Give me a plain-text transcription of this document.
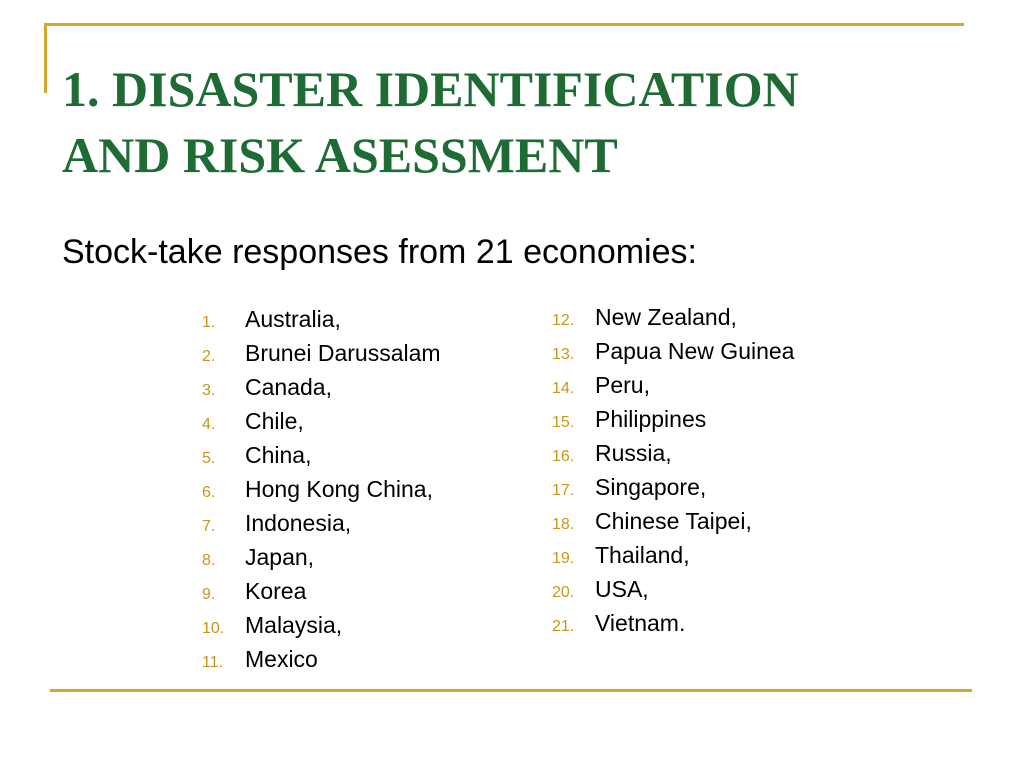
1. DISASTER IDENTIFICATION
AND RISK ASESSMENT

Stock-take responses from 21 economies:

1. Australia,
2. Brunei Darussalam
3. Canada,
4. Chile,
5. China,
6. Hong Kong China,
7. Indonesia,
8. Japan,
9. Korea
10. Malaysia,
11. Mexico
12. New Zealand,
13. Papua New Guinea
14. Peru,
15. Philippines
16. Russia,
17. Singapore,
18. Chinese Taipei,
19. Thailand,
20. USA,
21. Vietnam.
